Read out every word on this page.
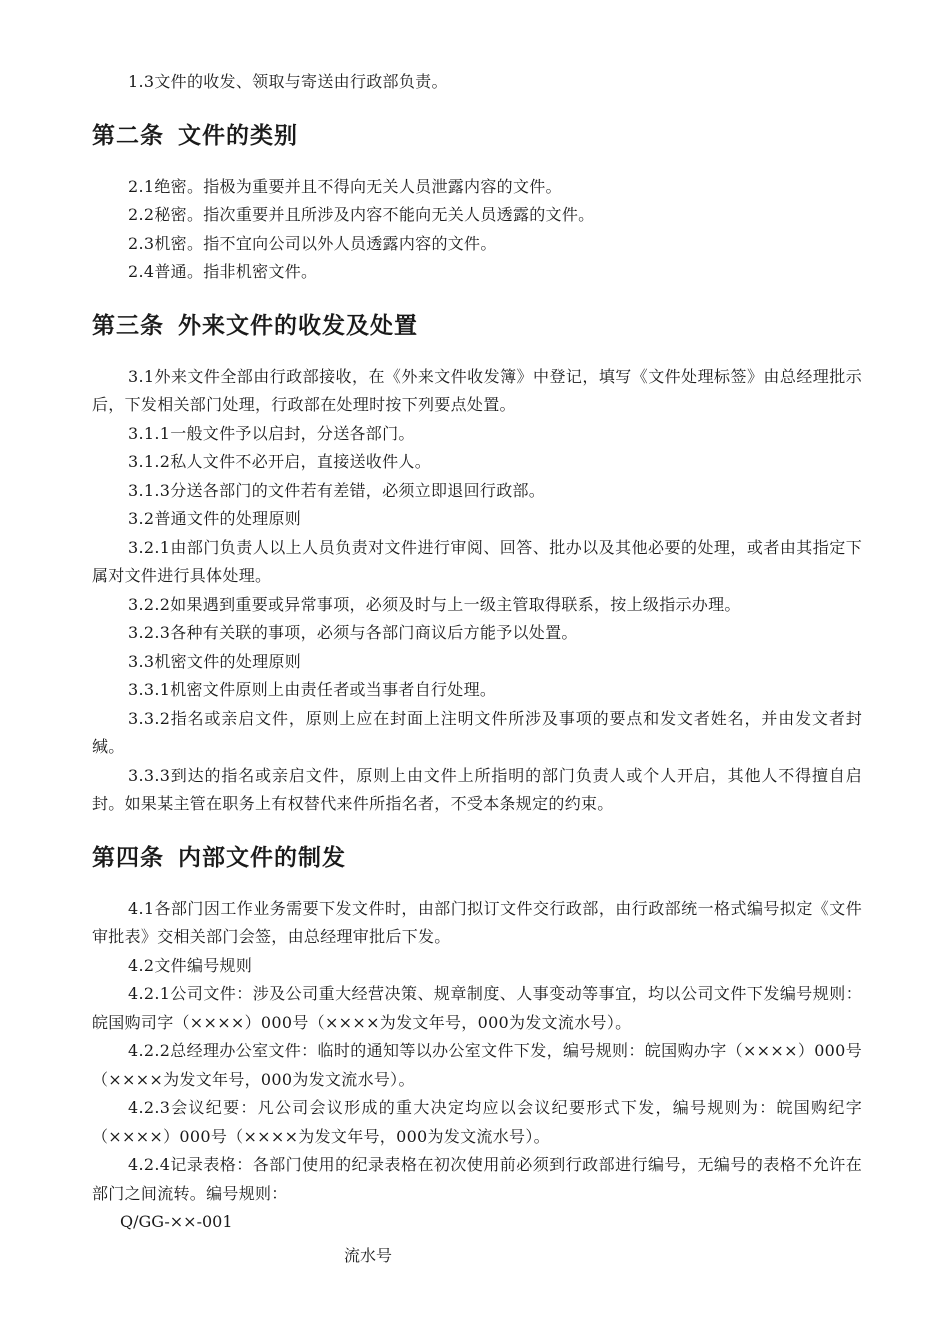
1.3文件的收发、领取与寄送由行政部负责。

第二条 文件的类别

2.1绝密。指极为重要并且不得向无关人员泄露内容的文件。

2.2秘密。指次重要并且所涉及内容不能向无关人员透露的文件。

2.3机密。指不宜向公司以外人员透露内容的文件。

2.4普通。指非机密文件。

第三条 外来文件的收发及处置

3.1外来文件全部由行政部接收，在《外来文件收发簿》中登记，填写《文件处理标签》由总经理批示后，下发相关部门处理，行政部在处理时按下列要点处置。

3.1.1一般文件予以启封，分送各部门。

3.1.2私人文件不必开启，直接送收件人。

3.1.3分送各部门的文件若有差错，必须立即退回行政部。

3.2普通文件的处理原则

3.2.1由部门负责人以上人员负责对文件进行审阅、回答、批办以及其他必要的处理，或者由其指定下属对文件进行具体处理。

3.2.2如果遇到重要或异常事项，必须及时与上一级主管取得联系，按上级指示办理。

3.2.3各种有关联的事项，必须与各部门商议后方能予以处置。

3.3机密文件的处理原则

3.3.1机密文件原则上由责任者或当事者自行处理。

3.3.2指名或亲启文件，原则上应在封面上注明文件所涉及事项的要点和发文者姓名，并由发文者封缄。

3.3.3到达的指名或亲启文件，原则上由文件上所指明的部门负责人或个人开启，其他人不得擅自启封。如果某主管在职务上有权替代来件所指名者，不受本条规定的约束。

第四条 内部文件的制发

4.1各部门因工作业务需要下发文件时，由部门拟订文件交行政部，由行政部统一格式编号拟定《文件审批表》交相关部门会签，由总经理审批后下发。

4.2文件编号规则

4.2.1公司文件：涉及公司重大经营决策、规章制度、人事变动等事宜，均以公司文件下发编号规则：皖国购司字（××××）000号（××××为发文年号，000为发文流水号）。

4.2.2总经理办公室文件：临时的通知等以办公室文件下发，编号规则：皖国购办字（××××）000号（××××为发文年号，000为发文流水号）。

4.2.3会议纪要：凡公司会议形成的重大决定均应以会议纪要形式下发，编号规则为：皖国购纪字（××××）000号（××××为发文年号，000为发文流水号）。

4.2.4记录表格：各部门使用的纪录表格在初次使用前必须到行政部进行编号，无编号的表格不允许在部门之间流转。编号规则：

Q/GG-××-001

流水号
